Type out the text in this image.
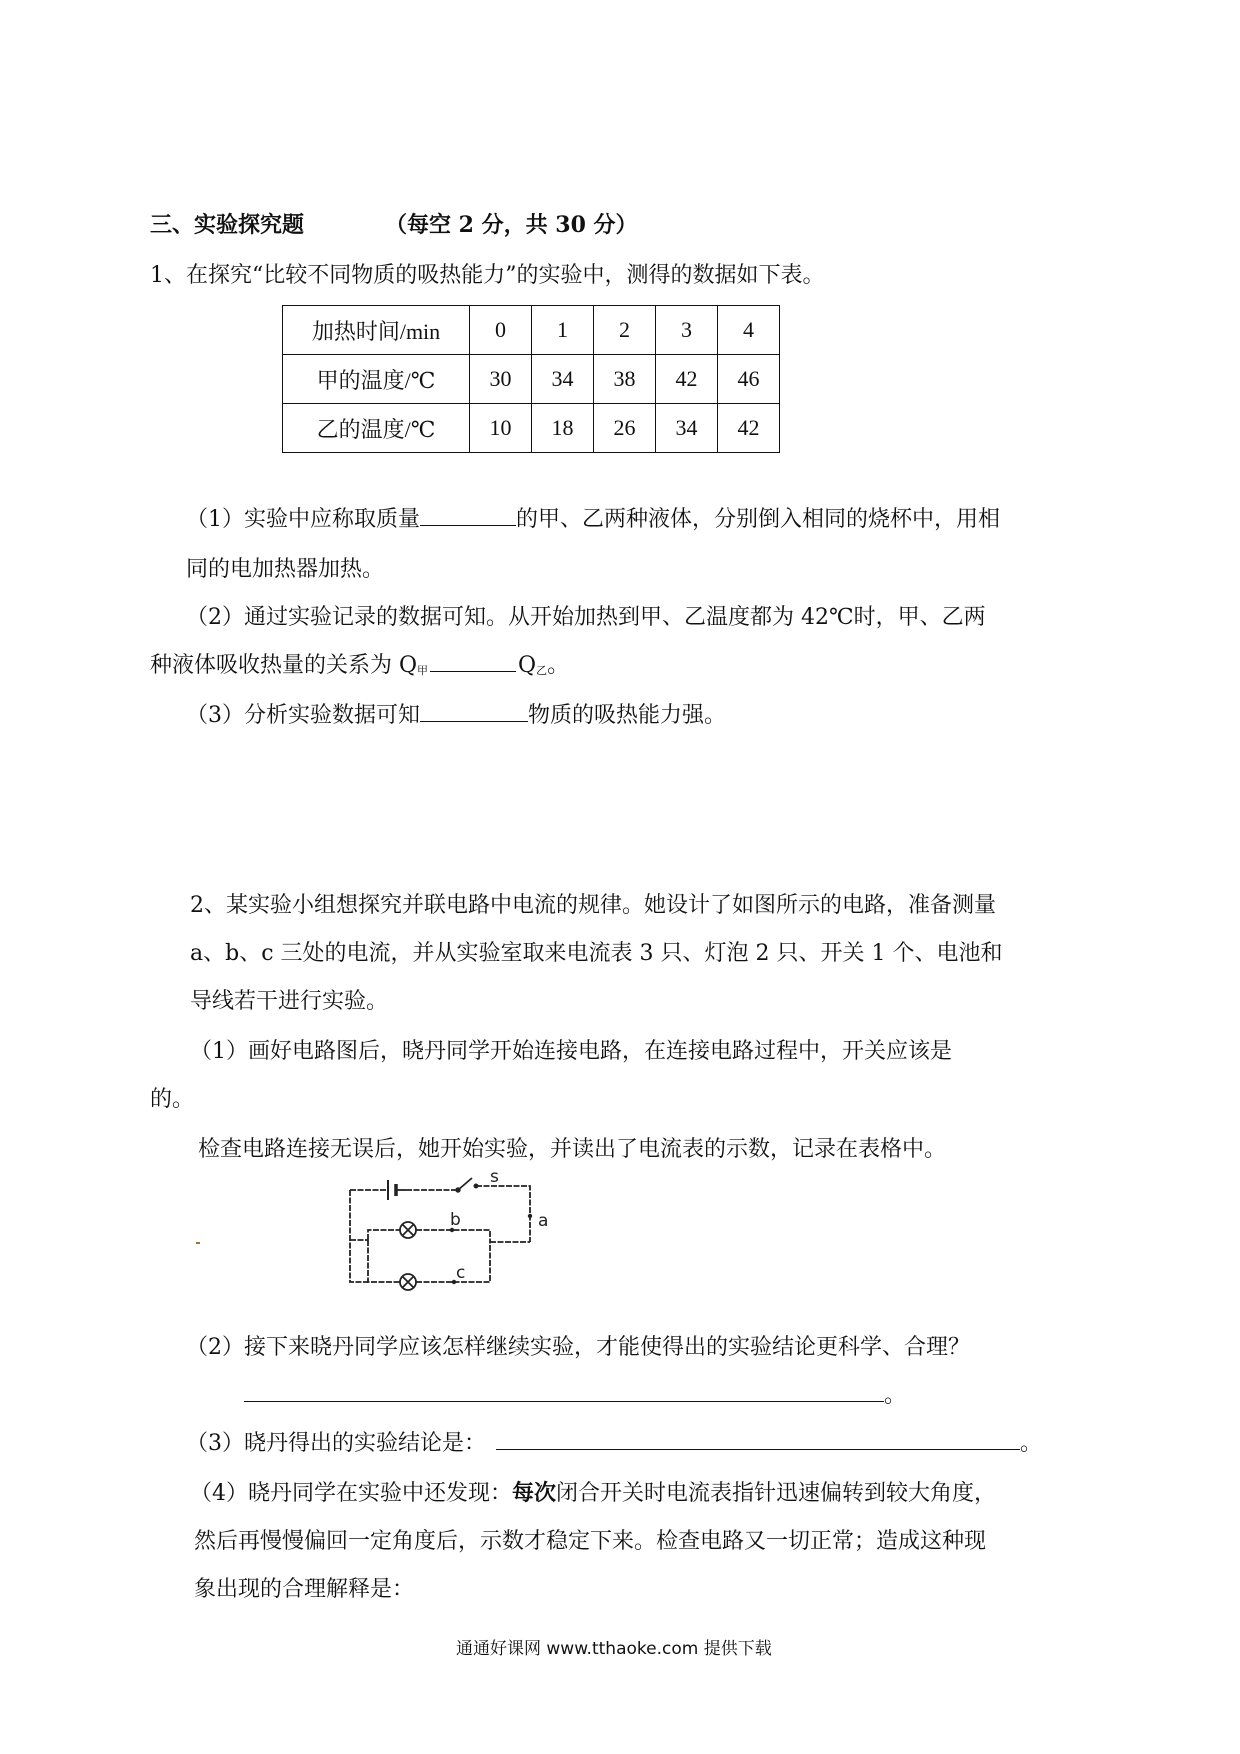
三、实验探究题	（每空 2 分，共 30 分）
1、在探究“比较不同物质的吸热能力”的实验中，测得的数据如下表。
加热时间/min	0	1	2	3	4
甲的温度/℃	30	34	38	42	46
乙的温度/℃	10	18	26	34	42
（1）实验中应称取质量	的甲、乙两种液体，分别倒入相同的烧杯中，用相
同的电加热器加热。
（2）通过实验记录的数据可知。从开始加热到甲、乙温度都为 42℃时，甲、乙两
种液体吸收热量的关系为 Q甲	Q乙。
（3）分析实验数据可知	物质的吸热能力强。
2、某实验小组想探究并联电路中电流的规律。她设计了如图所示的电路，准备测量
a、b、c 三处的电流，并从实验室取来电流表 3 只、灯泡 2 只、开关 1 个、电池和
导线若干进行实验。
（1）画好电路图后，晓丹同学开始连接电路，在连接电路过程中，开关应该是
的。
检查电路连接无误后，她开始实验，并读出了电流表的示数，记录在表格中。
s
a
b
c
（2）接下来晓丹同学应该怎样继续实验，才能使得出的实验结论更科学、合理？
。
（3）晓丹得出的实验结论是：	。
（4）晓丹同学在实验中还发现：每次闭合开关时电流表指针迅速偏转到较大角度，
然后再慢慢偏回一定角度后，示数才稳定下来。检查电路又一切正常；造成这种现
象出现的合理解释是：
通通好课网 www.tthaoke.com 提供下载
